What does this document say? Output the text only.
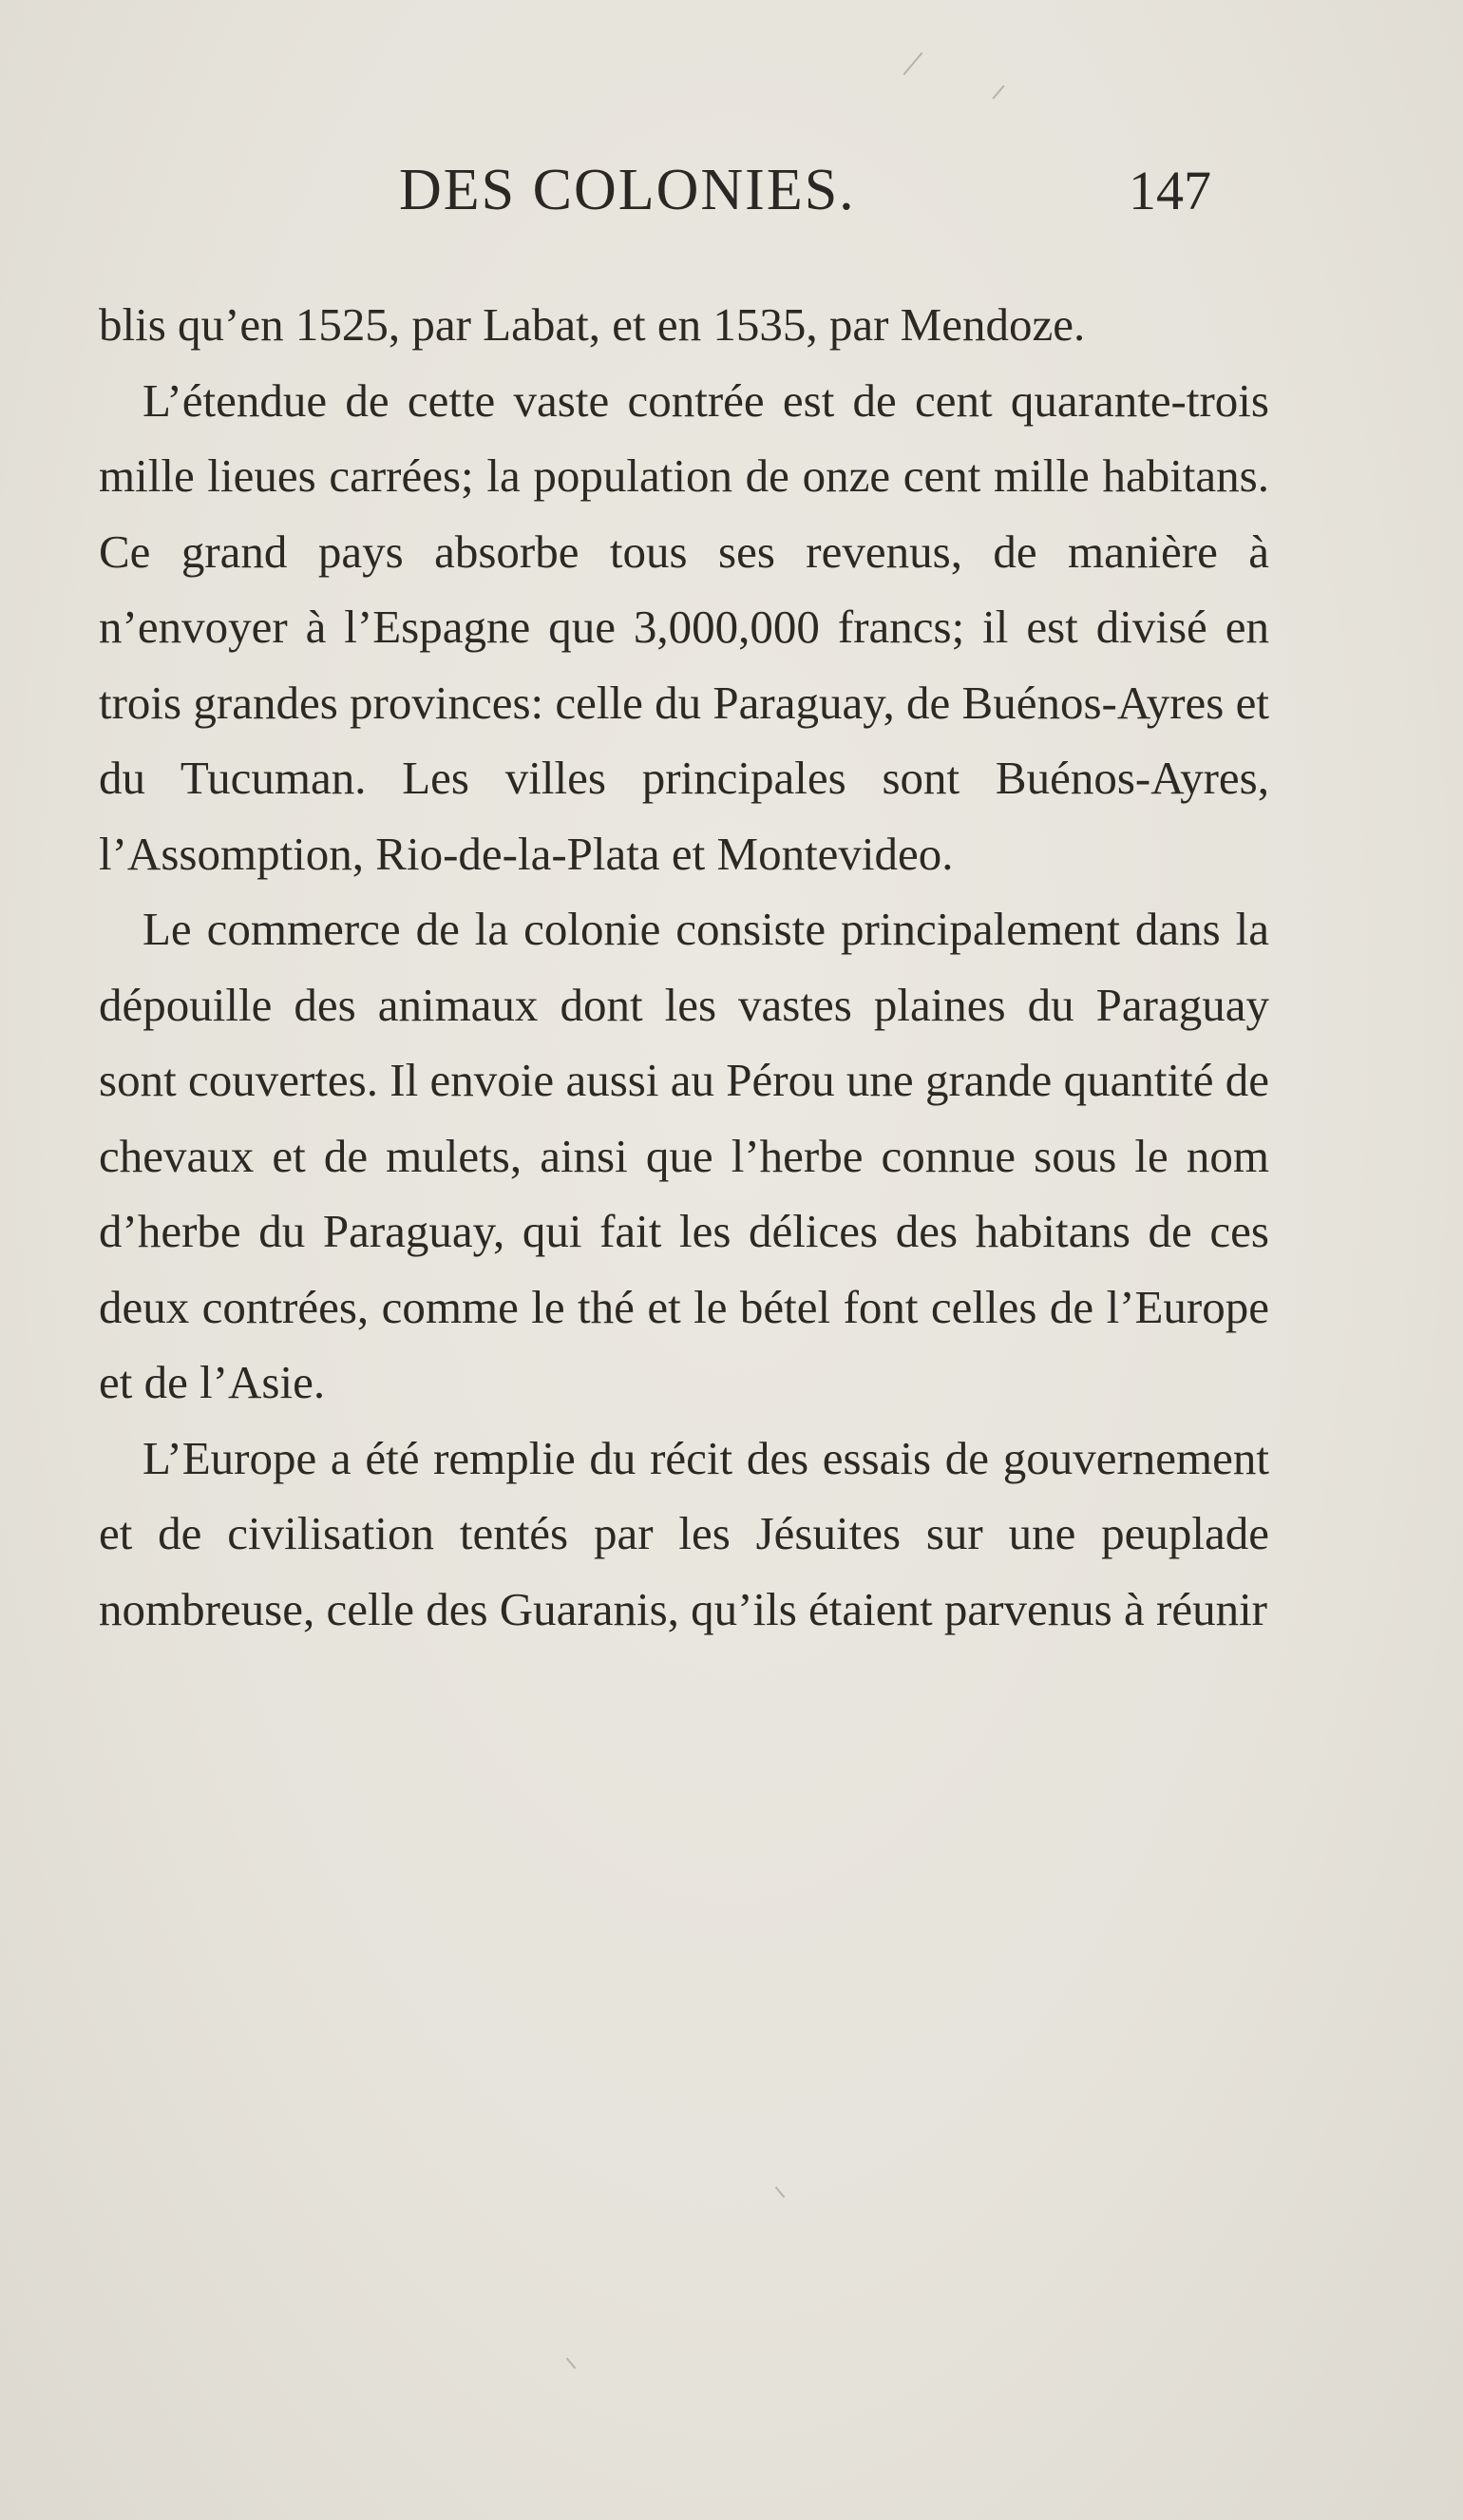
DES COLONIES.	147

blis qu’en 1525, par Labat, et en 1535, par Mendoze.

L’étendue de cette vaste contrée est de cent quarante-trois mille lieues carrées; la population de onze cent mille habitans. Ce grand pays absorbe tous ses revenus, de manière à n’envoyer à l’Espagne que 3,000,000 francs; il est divisé en trois grandes provinces: celle du Paraguay, de Buénos-Ayres et du Tucuman. Les villes principales sont Buénos-Ayres, l’Assomption, Rio-de-la-Plata et Montevideo.

Le commerce de la colonie consiste principalement dans la dépouille des animaux dont les vastes plaines du Paraguay sont couvertes. Il envoie aussi au Pérou une grande quantité de chevaux et de mulets, ainsi que l’herbe connue sous le nom d’herbe du Paraguay, qui fait les délices des habitans de ces deux contrées, comme le thé et le bétel font celles de l’Europe et de l’Asie.

L’Europe a été remplie du récit des essais de gouvernement et de civilisation tentés par les Jésuites sur une peuplade nombreuse, celle des Guaranis, qu’ils étaient parvenus à réunir
